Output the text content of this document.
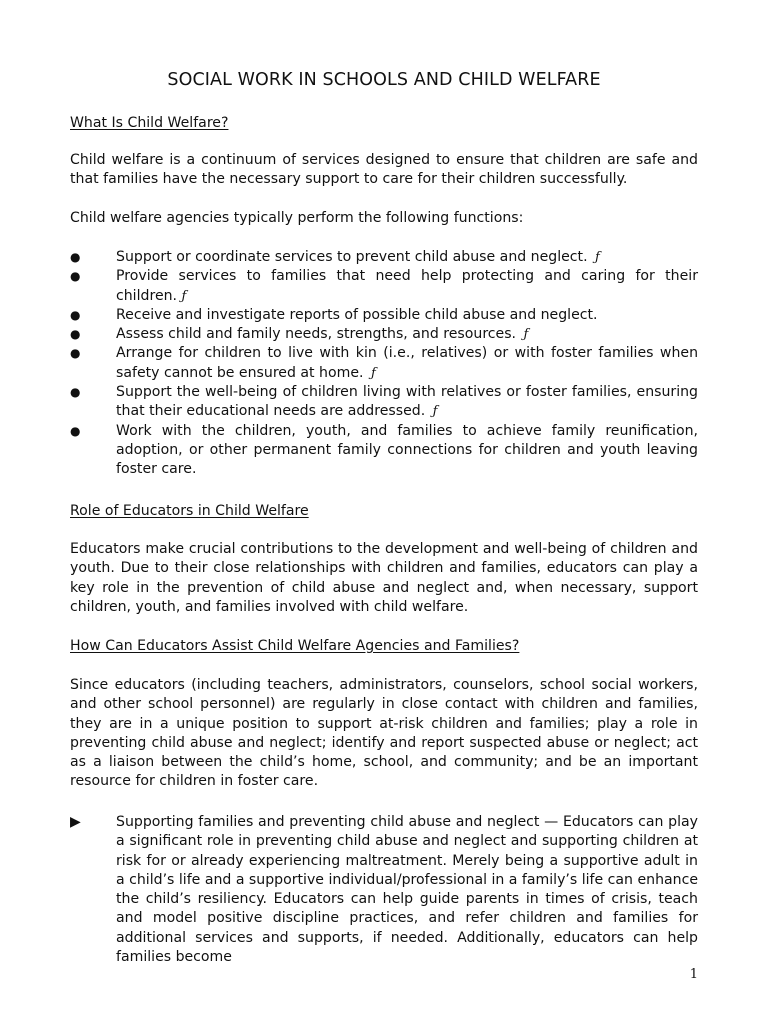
SOCIAL WORK IN SCHOOLS AND CHILD WELFARE
What Is Child Welfare?
Child welfare is a continuum of services designed to ensure that children are safe and that families have the necessary support to care for their children successfully.
Child welfare agencies typically perform the following functions:
●	Support or coordinate services to prevent child abuse and neglect. ƒ
●	Provide services to families that need help protecting and caring for their children. ƒ
●	Receive and investigate reports of possible child abuse and neglect.
●	Assess child and family needs, strengths, and resources. ƒ
●	Arrange for children to live with kin (i.e., relatives) or with foster families when safety cannot be ensured at home. ƒ
●	Support the well-being of children living with relatives or foster families, ensuring that their educational needs are addressed. ƒ
●	Work with the children, youth, and families to achieve family reunification, adoption, or other permanent family connections for children and youth leaving foster care.
Role of Educators in Child Welfare
Educators make crucial contributions to the development and well-being of children and youth. Due to their close relationships with children and families, educators can play a key role in the prevention of child abuse and neglect and, when necessary, support children, youth, and families involved with child welfare.
How Can Educators Assist Child Welfare Agencies and Families?
Since educators (including teachers, administrators, counselors, school social workers, and other school personnel) are regularly in close contact with children and families, they are in a unique position to support at-risk children and families; play a role in preventing child abuse and neglect; identify and report suspected abuse or neglect; act as a liaison between the child’s home, school, and community; and be an important resource for children in foster care.
▶ Supporting families and preventing child abuse and neglect — Educators can play a significant role in preventing child abuse and neglect and supporting children at risk for or already experiencing maltreatment. Merely being a supportive adult in a child’s life and a supportive individual/professional in a family’s life can enhance the child’s resiliency. Educators can help guide parents in times of crisis, teach and model positive discipline practices, and refer children and families for additional services and supports, if needed. Additionally, educators can help families become
1
